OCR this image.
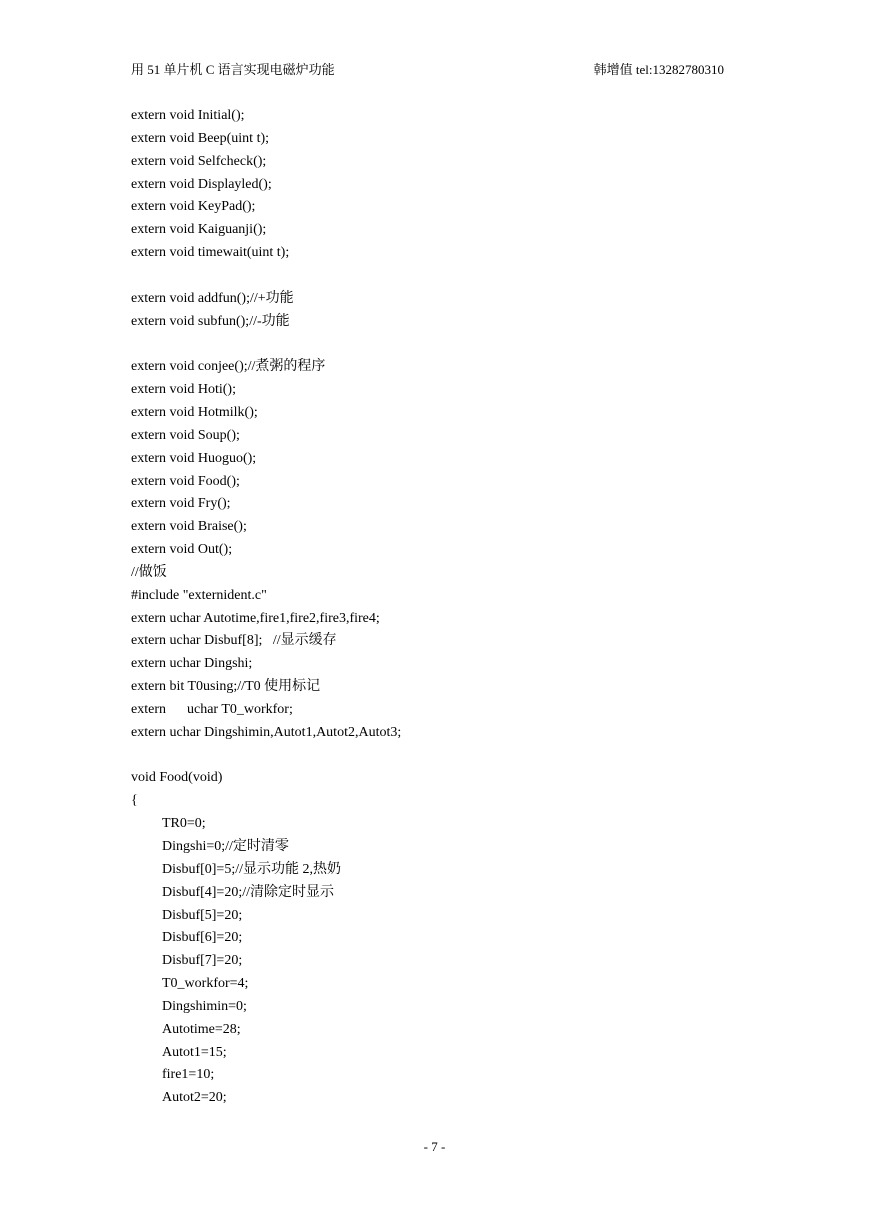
用 51 单片机 C 语言实现电磁炉功能	韩增值 tel:13282780310
extern void Initial();
extern void Beep(uint t);
extern void Selfcheck();
extern void Displayled();
extern void KeyPad();
extern void Kaiguanji();
extern void timewait(uint t);
extern void addfun();//+功能
extern void subfun();//-功能
extern void conjee();//煮粥的程序
extern void Hoti();
extern void Hotmilk();
extern void Soup();
extern void Huoguo();
extern void Food();
extern void Fry();
extern void Braise();
extern void Out();
//做饭
#include "externident.c"
extern uchar Autotime,fire1,fire2,fire3,fire4;
extern uchar Disbuf[8];   //显示缓存
extern uchar Dingshi;
extern bit T0using;//T0 使用标记
extern      uchar T0_workfor;
extern uchar Dingshimin,Autot1,Autot2,Autot3;
void Food(void)
{
TR0=0;
Dingshi=0;//定时清零
Disbuf[0]=5;//显示功能 2,热奶
Disbuf[4]=20;//清除定时显示
Disbuf[5]=20;
Disbuf[6]=20;
Disbuf[7]=20;
T0_workfor=4;
Dingshimin=0;
Autotime=28;
Autot1=15;
fire1=10;
Autot2=20;
- 7 -
